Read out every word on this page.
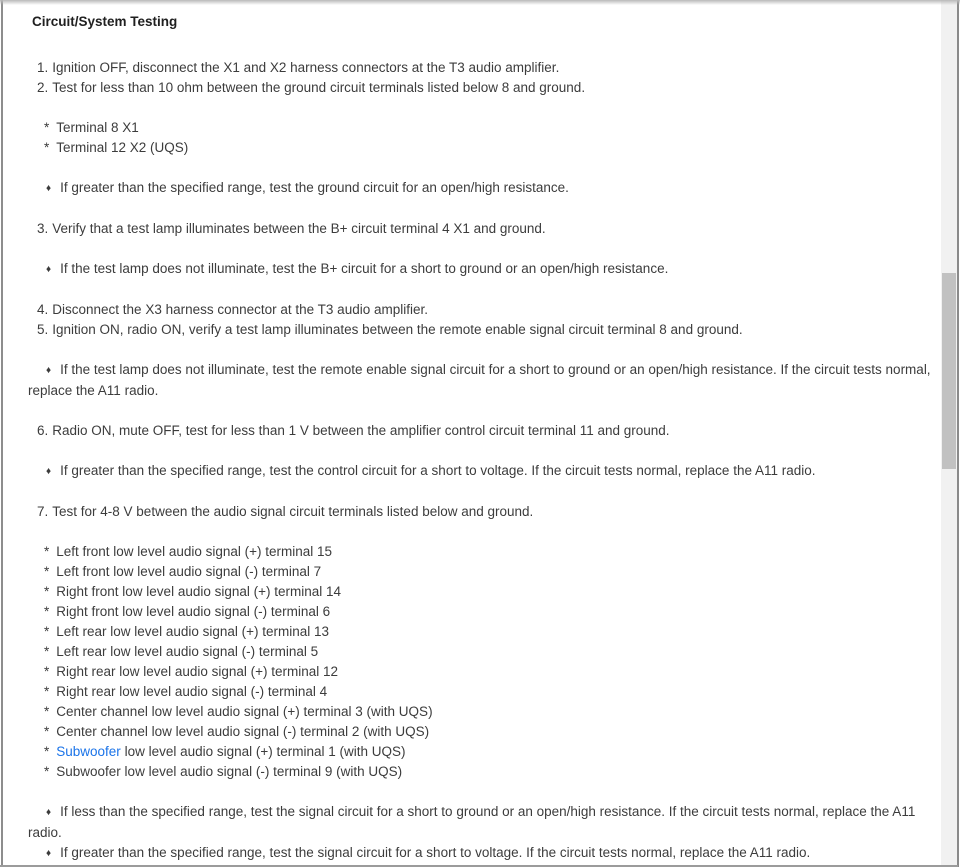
Circuit/System Testing
1. Ignition OFF, disconnect the X1 and X2 harness connectors at the T3 audio amplifier.
2. Test for less than 10 ohm between the ground circuit terminals listed below 8 and ground.
* Terminal 8 X1
* Terminal 12 X2 (UQS)
♦ If greater than the specified range, test the ground circuit for an open/high resistance.
3. Verify that a test lamp illuminates between the B+ circuit terminal 4 X1 and ground.
♦ If the test lamp does not illuminate, test the B+ circuit for a short to ground or an open/high resistance.
4. Disconnect the X3 harness connector at the T3 audio amplifier.
5. Ignition ON, radio ON, verify a test lamp illuminates between the remote enable signal circuit terminal 8 and ground.
♦ If the test lamp does not illuminate, test the remote enable signal circuit for a short to ground or an open/high resistance. If the circuit tests normal, replace the A11 radio.
6. Radio ON, mute OFF, test for less than 1 V between the amplifier control circuit terminal 11 and ground.
♦ If greater than the specified range, test the control circuit for a short to voltage. If the circuit tests normal, replace the A11 radio.
7. Test for 4-8 V between the audio signal circuit terminals listed below and ground.
* Left front low level audio signal (+) terminal 15
* Left front low level audio signal (-) terminal 7
* Right front low level audio signal (+) terminal 14
* Right front low level audio signal (-) terminal 6
* Left rear low level audio signal (+) terminal 13
* Left rear low level audio signal (-) terminal 5
* Right rear low level audio signal (+) terminal 12
* Right rear low level audio signal (-) terminal 4
* Center channel low level audio signal (+) terminal 3 (with UQS)
* Center channel low level audio signal (-) terminal 2 (with UQS)
* Subwoofer low level audio signal (+) terminal 1 (with UQS)
* Subwoofer low level audio signal (-) terminal 9 (with UQS)
♦ If less than the specified range, test the signal circuit for a short to ground or an open/high resistance. If the circuit tests normal, replace the A11 radio.
♦ If greater than the specified range, test the signal circuit for a short to voltage. If the circuit tests normal, replace the A11 radio.
